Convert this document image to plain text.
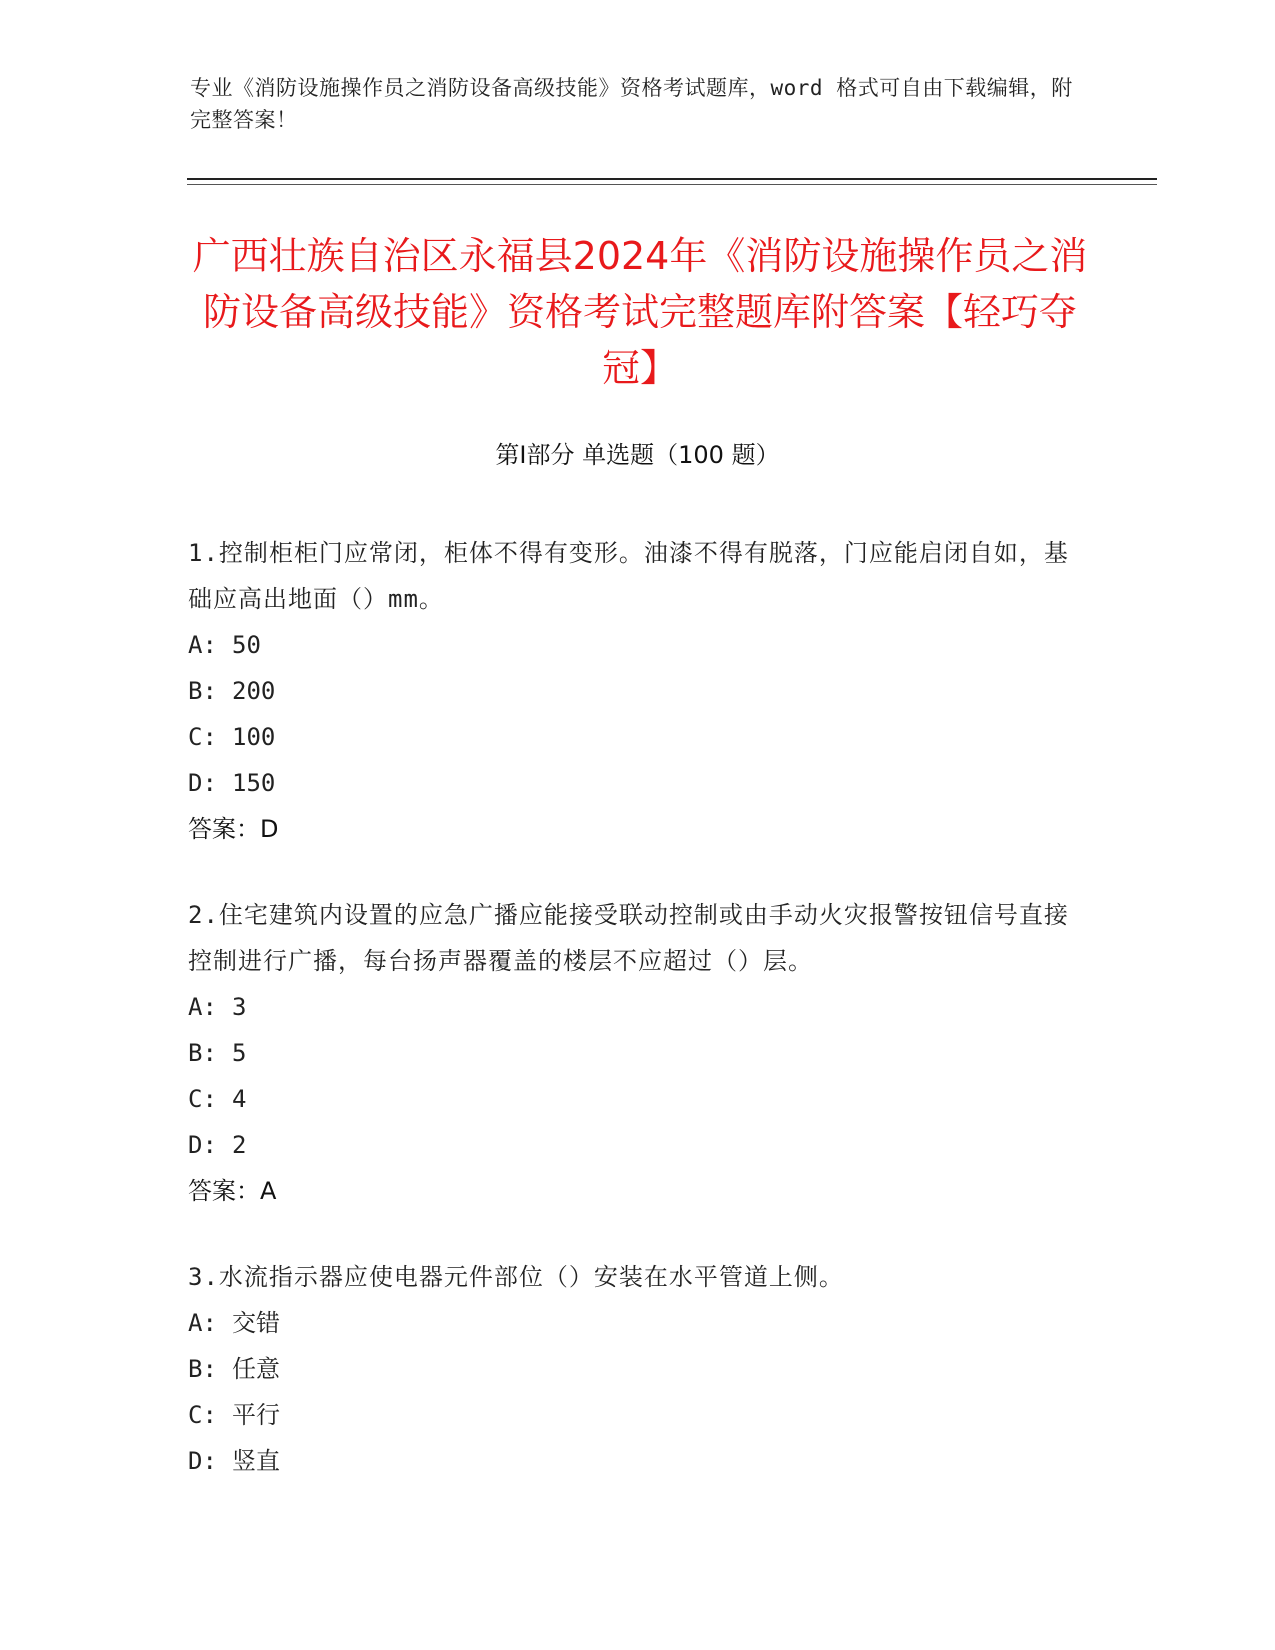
专业《消防设施操作员之消防设备高级技能》资格考试题库，word 格式可自由下载编辑，附完整答案！
广西壮族自治区永福县2024年《消防设施操作员之消防设备高级技能》资格考试完整题库附答案【轻巧夺冠】
第Ⅰ部分 单选题（100 题）
1.控制柜柜门应常闭，柜体不得有变形。油漆不得有脱落，门应能启闭自如，基础应高出地面（）mm。
A: 50
B: 200
C: 100
D: 150
答案：D
2.住宅建筑内设置的应急广播应能接受联动控制或由手动火灾报警按钮信号直接控制进行广播，每台扬声器覆盖的楼层不应超过（）层。
A: 3
B: 5
C: 4
D: 2
答案：A
3.水流指示器应使电器元件部位（）安装在水平管道上侧。
A: 交错
B: 任意
C: 平行
D: 竖直
